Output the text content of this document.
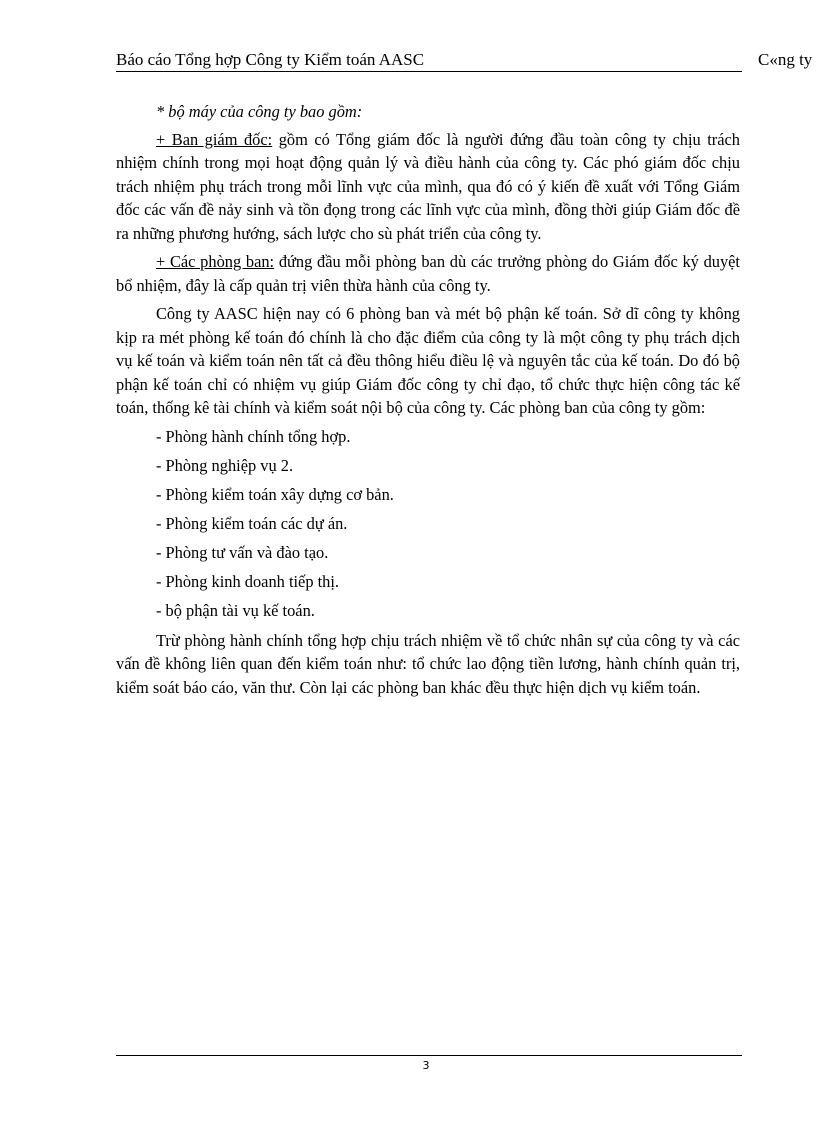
Báo cáo Tổng hợp Công ty Kiểm toán AASC	C«ng ty

* bộ máy của công ty bao gồm:

+ Ban giám đốc: gồm có Tổng giám đốc là người đứng đầu toàn công ty chịu trách nhiệm chính trong mọi hoạt động quản lý và điều hành của công ty. Các phó giám đốc chịu trách nhiệm phụ trách trong mỗi lĩnh vực của mình, qua đó có ý kiến đề xuất với Tổng Giám đốc các vấn đề nảy sinh và tồn đọng trong các lĩnh vực của mình, đồng thời giúp Giám đốc đề ra những phương hướng, sách lược cho sù phát triển của công ty.

+ Các phòng ban: đứng đầu mỗi phòng ban dù các trưởng phòng do Giám đốc ký duyệt bổ nhiệm, đây là cấp quản trị viên thừa hành của công ty.

Công ty AASC hiện nay có 6 phòng ban và mét bộ phận kế toán. Sở dĩ công ty không kịp ra mét phòng kế toán đó chính là cho đặc điểm của công ty là một công ty phụ trách dịch vụ kế toán và kiểm toán nên tất cả đều thông hiểu điều lệ và nguyên tắc của kế toán. Do đó bộ phận kế toán chỉ có nhiệm vụ giúp Giám đốc công ty chỉ đạo, tổ chức thực hiện công tác kế toán, thống kê tài chính và kiểm soát nội bộ của công ty. Các phòng ban của công ty gồm:

- Phòng hành chính tổng hợp.
- Phòng nghiệp vụ 2.
- Phòng kiểm toán xây dựng cơ bản.
- Phòng kiểm toán các dự án.
- Phòng tư vấn và đào tạo.
- Phòng kinh doanh tiếp thị.
- bộ phận tài vụ kế toán.

Trừ phòng hành chính tổng hợp chịu trách nhiệm về tổ chức nhân sự của công ty và các vấn đề không liên quan đến kiểm toán như: tổ chức lao động tiền lương, hành chính quản trị, kiểm soát báo cáo, văn thư. Còn lại các phòng ban khác đều thực hiện dịch vụ kiểm toán.

3
